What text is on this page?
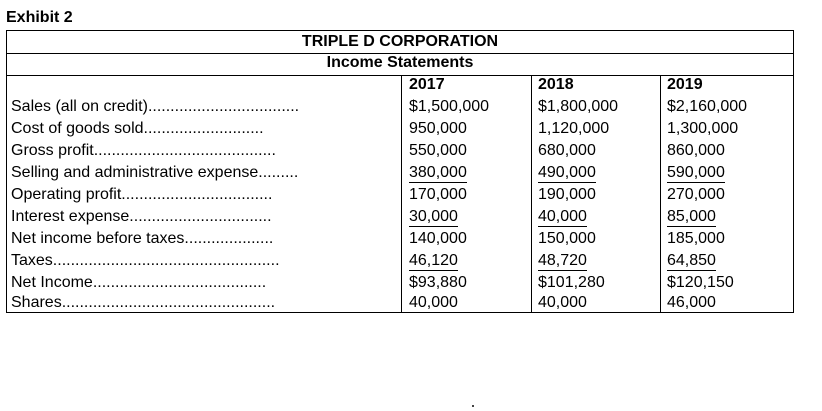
Exhibit 2
TRIPLE D CORPORATION
Income Statements
2017	2018	2019
Sales (all on credit)..................................
Cost of goods sold...........................
Gross profit.........................................
Selling and administrative expense.........
Operating profit..................................
Interest expense................................
Net income before taxes....................
Taxes...................................................
Net Income.......................................
Shares................................................
$1,500,000
950,000
550,000
380,000
170,000
30,000
140,000
46,120
$93,880
40,000
$1,800,000
1,120,000
680,000
490,000
190,000
40,000
150,000
48,720
$101,280
40,000
$2,160,000
1,300,000
860,000
590,000
270,000
85,000
185,000
64,850
$120,150
46,000
